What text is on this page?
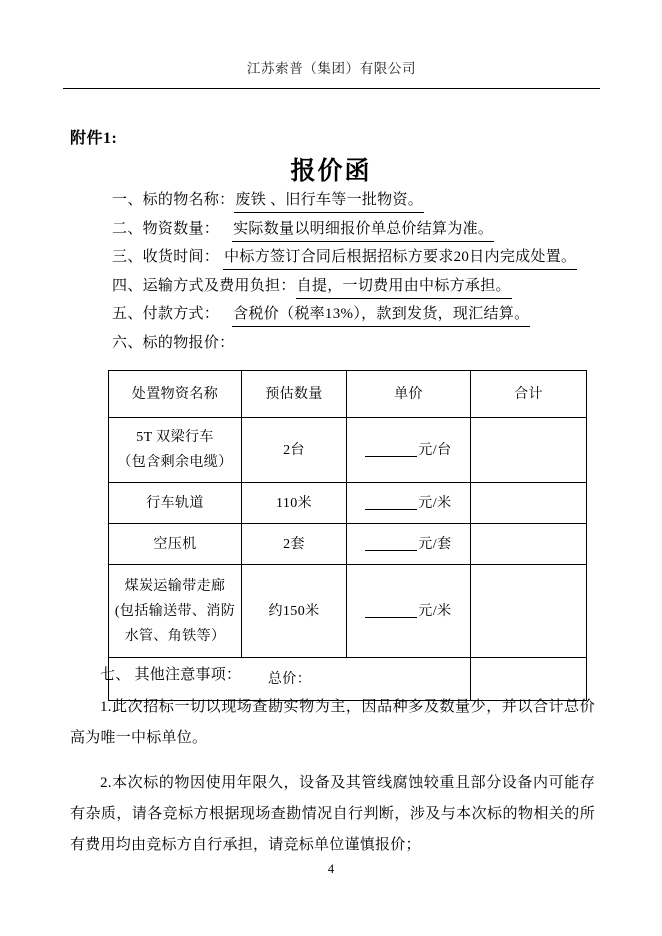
江苏索普（集团）有限公司
附件1:
报价函
一、标的物名称：废铁 、旧行车等一批物资。
二、物资数量： 实际数量以明细报价单总价结算为准。
三、收货时间： 中标方签订合同后根据招标方要求20日内完成处置。
四、运输方式及费用负担：自提，一切费用由中标方承担。
五、付款方式： 含税价（税率13%），款到发货，现汇结算。
六、标的物报价：
处置物资名称	预估数量	单价	合计

5T 双梁行车
（包含剩余电缆）	2台	元/台	
行车轨道	110米	元/米	
空压机	2套	元/套	

煤炭运输带走廊
(包括输送带、消防
水管、角铁等）	约150米	元/米	
总价：			
七、 其他注意事项：
1.此次招标一切以现场查勘实物为主，因品种多及数量少，并以合计总价高为唯一中标单位。
2.本次标的物因使用年限久，设备及其管线腐蚀较重且部分设备内可能存有杂质，请各竞标方根据现场查勘情况自行判断，涉及与本次标的物相关的所有费用均由竞标方自行承担，请竞标单位谨慎报价；
4
